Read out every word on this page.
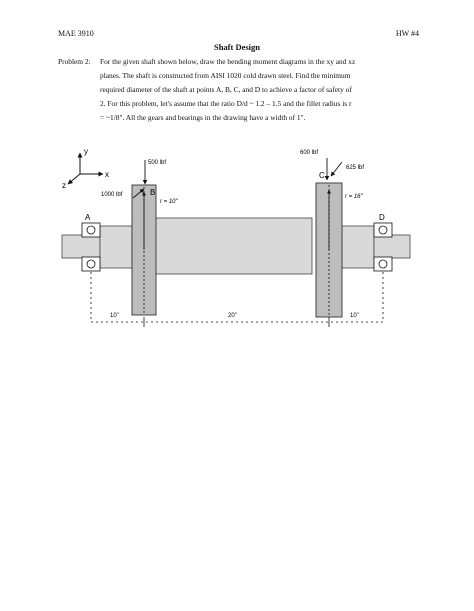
MAE 3910	HW #4
Shaft Design
Problem 2: For the given shaft shown below, draw the bending moment diagrams in the xy and xz
planes. The shaft is constructed from AISI 1020 cold drawn steel. Find the minimum
required diameter of the shaft at points A, B, C, and D to achieve a factor of safety of
2. For this problem, let's assume that the ratio D/d ~ 1.2 – 1.5 and the fillet radius is r
= ~1/8". All the gears and bearings in the drawing have a width of 1".
y
x
z
A
B
C
D
500 lbf
1000 lbf
r = 10"
600 lbf
625 lbf
r = 16"
10"	20"	10"
